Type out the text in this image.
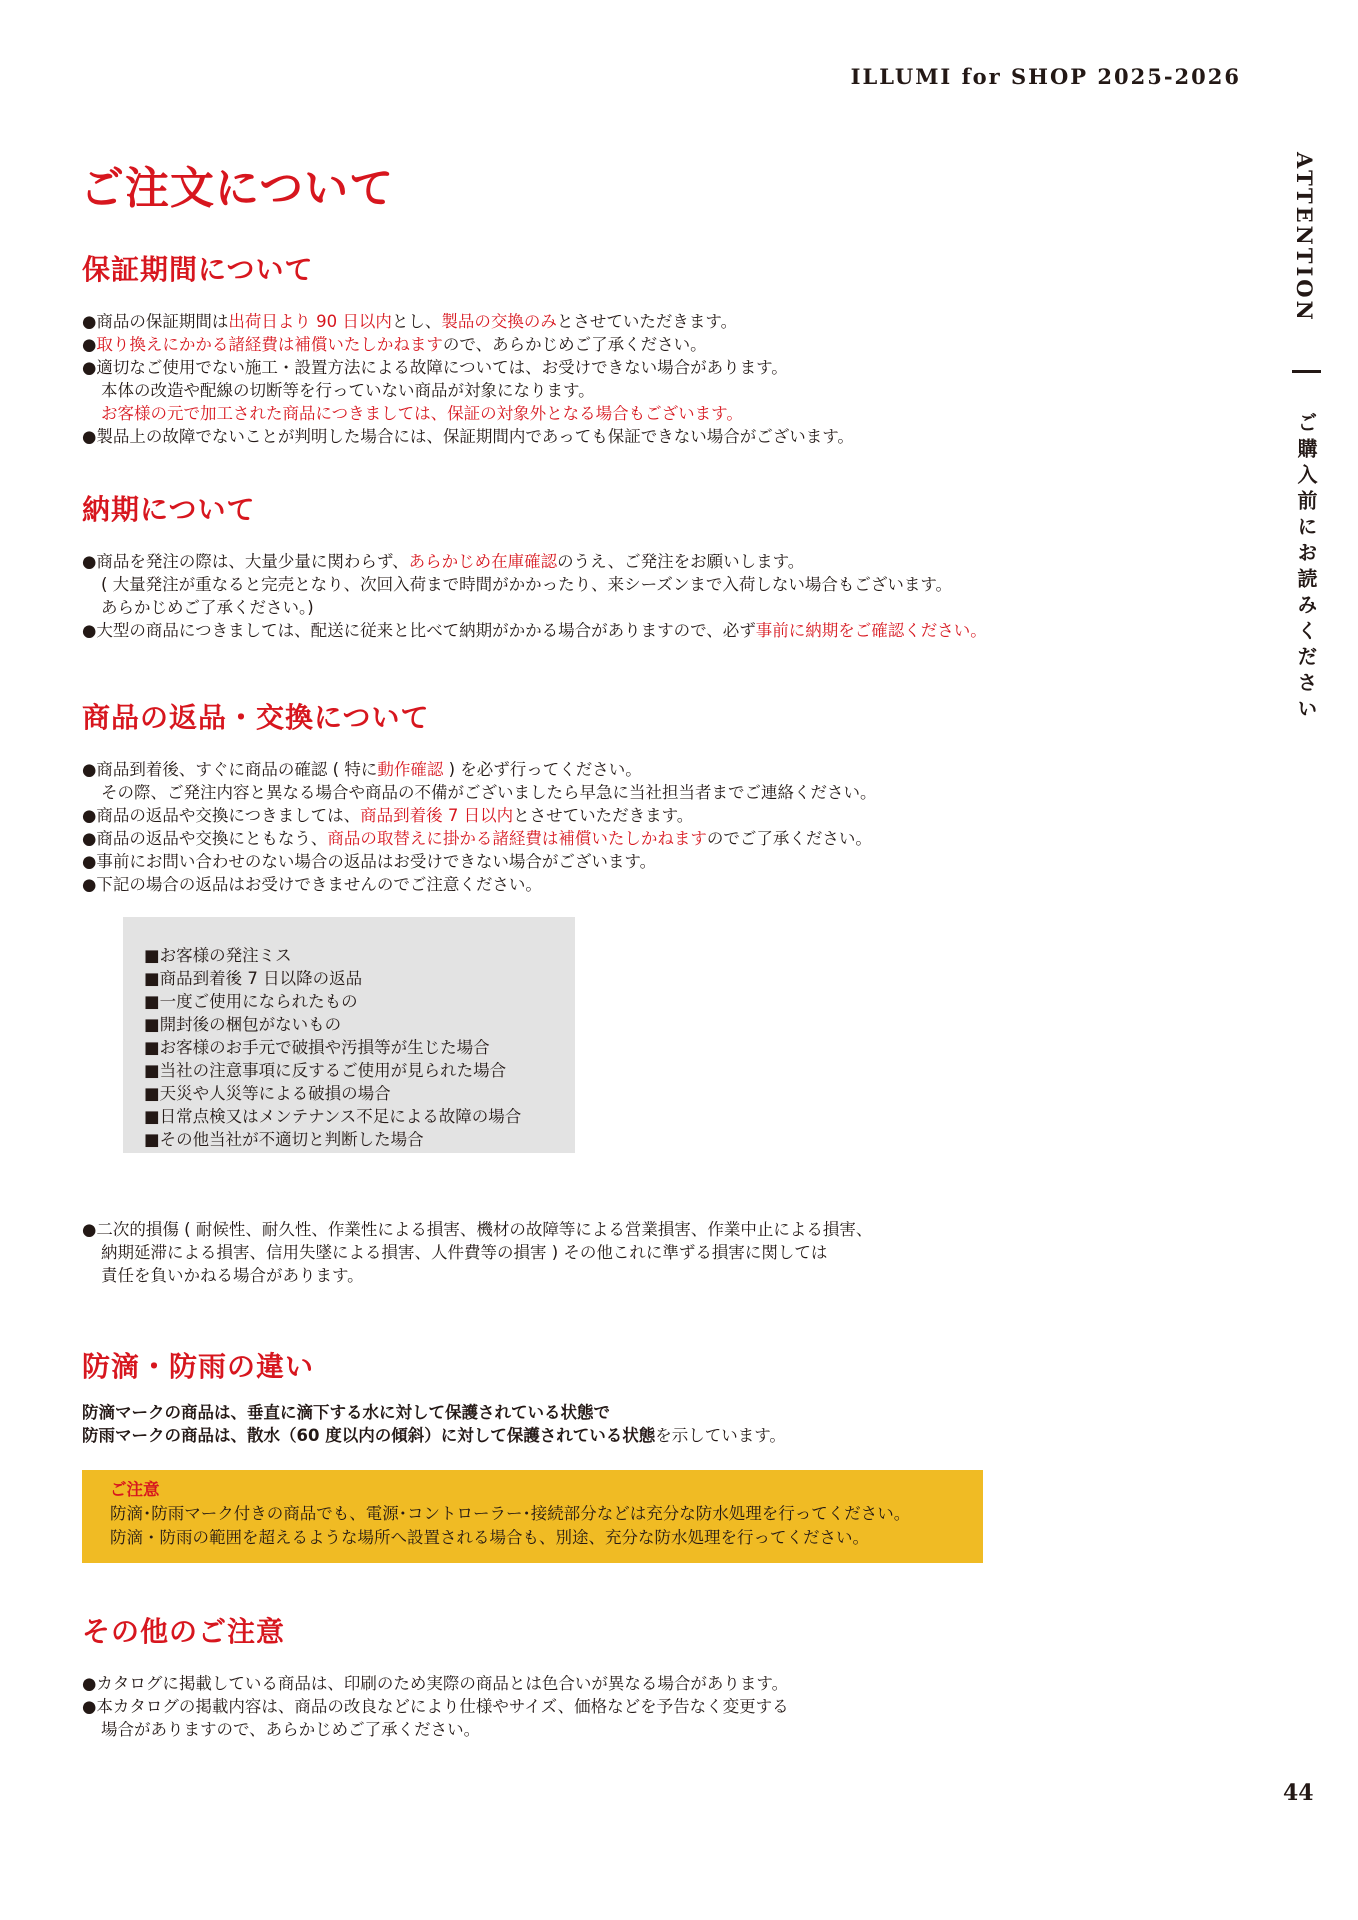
ILLUMI for SHOP 2025-2026
ご注文について
保証期間について
●商品の保証期間は出荷日より 90 日以内とし、製品の交換のみとさせていただきます。
●取り換えにかかる諸経費は補償いたしかねますので、あらかじめご了承ください。
●適切なご使用でない施工・設置方法による故障については、お受けできない場合があります。
本体の改造や配線の切断等を行っていない商品が対象になります。
お客様の元で加工された商品につきましては、保証の対象外となる場合もございます。
●製品上の故障でないことが判明した場合には、保証期間内であっても保証できない場合がございます。
納期について
●商品を発注の際は、大量少量に関わらず、あらかじめ在庫確認のうえ、ご発注をお願いします。
( 大量発注が重なると完売となり、次回入荷まで時間がかかったり、来シーズンまで入荷しない場合もございます。
あらかじめご了承ください。)
●大型の商品につきましては、配送に従来と比べて納期がかかる場合がありますので、必ず事前に納期をご確認ください。
商品の返品・交換について
●商品到着後、すぐに商品の確認 ( 特に動作確認 ) を必ず行ってください。
その際、ご発注内容と異なる場合や商品の不備がございましたら早急に当社担当者までご連絡ください。
●商品の返品や交換につきましては、商品到着後 7 日以内とさせていただきます。
●商品の返品や交換にともなう、商品の取替えに掛かる諸経費は補償いたしかねますのでご了承ください。
●事前にお問い合わせのない場合の返品はお受けできない場合がございます。
●下記の場合の返品はお受けできませんのでご注意ください。
■お客様の発注ミス
■商品到着後 7 日以降の返品
■一度ご使用になられたもの
■開封後の梱包がないもの
■お客様のお手元で破損や汚損等が生じた場合
■当社の注意事項に反するご使用が見られた場合
■天災や人災等による破損の場合
■日常点検又はメンテナンス不足による故障の場合
■その他当社が不適切と判断した場合
●二次的損傷 ( 耐候性、耐久性、作業性による損害、機材の故障等による営業損害、作業中止による損害、
納期延滞による損害、信用失墜による損害、人件費等の損害 ) その他これに準ずる損害に関しては
責任を負いかねる場合があります。
防滴・防雨の違い
防滴マークの商品は、垂直に滴下する水に対して保護されている状態で
防雨マークの商品は、散水（60 度以内の傾斜）に対して保護されている状態を示しています。
ご注意
防滴･防雨マーク付きの商品でも、電源･コントローラー･接続部分などは充分な防水処理を行ってください。
防滴・防雨の範囲を超えるような場所へ設置される場合も、別途、充分な防水処理を行ってください。
その他のご注意
●カタログに掲載している商品は、印刷のため実際の商品とは色合いが異なる場合があります。
●本カタログの掲載内容は、商品の改良などにより仕様やサイズ、価格などを予告なく変更する
場合がありますので、あらかじめご了承ください。
ATTENTION
ご購入前にお読みください
44
